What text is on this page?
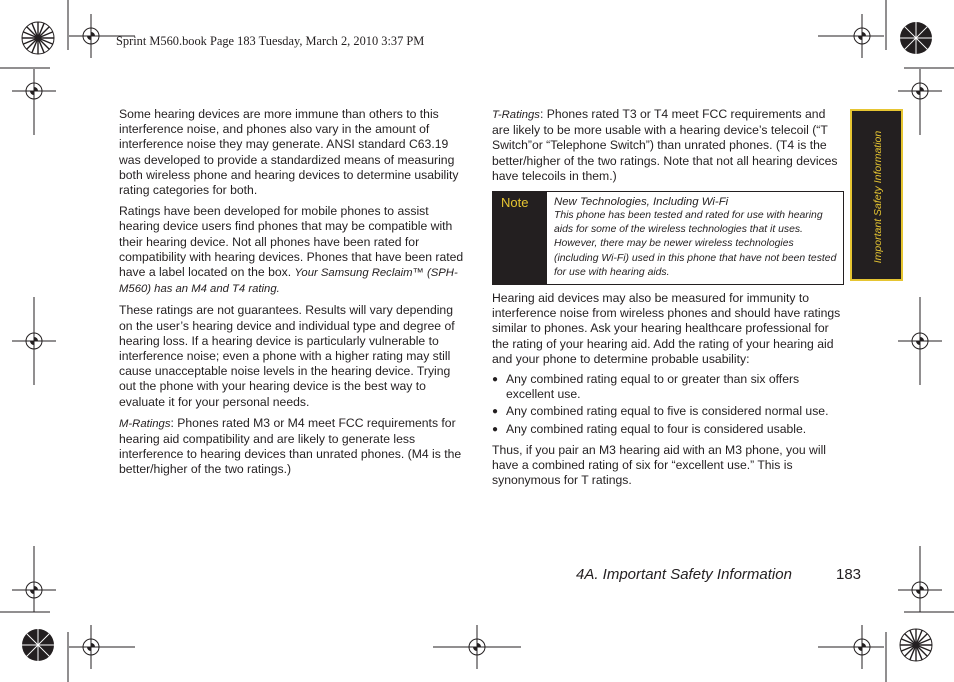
Sprint M560.book Page 183 Tuesday, March 2, 2010 3:37 PM

Some hearing devices are more immune than others to this interference noise, and phones also vary in the amount of interference noise they may generate. ANSI standard C63.19 was developed to provide a standardized means of measuring both wireless phone and hearing devices to determine usability rating categories for both.

Ratings have been developed for mobile phones to assist hearing device users find phones that may be compatible with their hearing device. Not all phones have been rated for compatibility with hearing devices. Phones that have been rated have a label located on the box. Your Samsung Reclaim™ (SPH-M560) has an M4 and T4 rating.

These ratings are not guarantees. Results will vary depending on the user’s hearing device and individual type and degree of hearing loss. If a hearing device is particularly vulnerable to interference noise; even a phone with a higher rating may still cause unacceptable noise levels in the hearing device. Trying out the phone with your hearing device is the best way to evaluate it for your personal needs.

M-Ratings: Phones rated M3 or M4 meet FCC requirements for hearing aid compatibility and are likely to generate less interference to hearing devices than unrated phones. (M4 is the better/higher of the two ratings.)

T-Ratings: Phones rated T3 or T4 meet FCC requirements and are likely to be more usable with a hearing device’s telecoil (“T Switch”or “Telephone Switch”) than unrated phones. (T4 is the better/higher of the two ratings. Note that not all hearing devices have telecoils in them.)

Note	New Technologies, Including Wi-Fi
This phone has been tested and rated for use with hearing aids for some of the wireless technologies that it uses. However, there may be newer wireless technologies (including Wi-Fi) used in this phone that have not been tested for use with hearing aids.

Hearing aid devices may also be measured for immunity to interference noise from wireless phones and should have ratings similar to phones. Ask your hearing healthcare professional for the rating of your hearing aid. Add the rating of your hearing aid and your phone to determine probable usability:

● Any combined rating equal to or greater than six offers excellent use.
● Any combined rating equal to five is considered normal use.
● Any combined rating equal to four is considered usable.

Thus, if you pair an M3 hearing aid with an M3 phone, you will have a combined rating of six for “excellent use.” This is synonymous for T ratings.

Important Safety Information
4A. Important Safety Information	183
